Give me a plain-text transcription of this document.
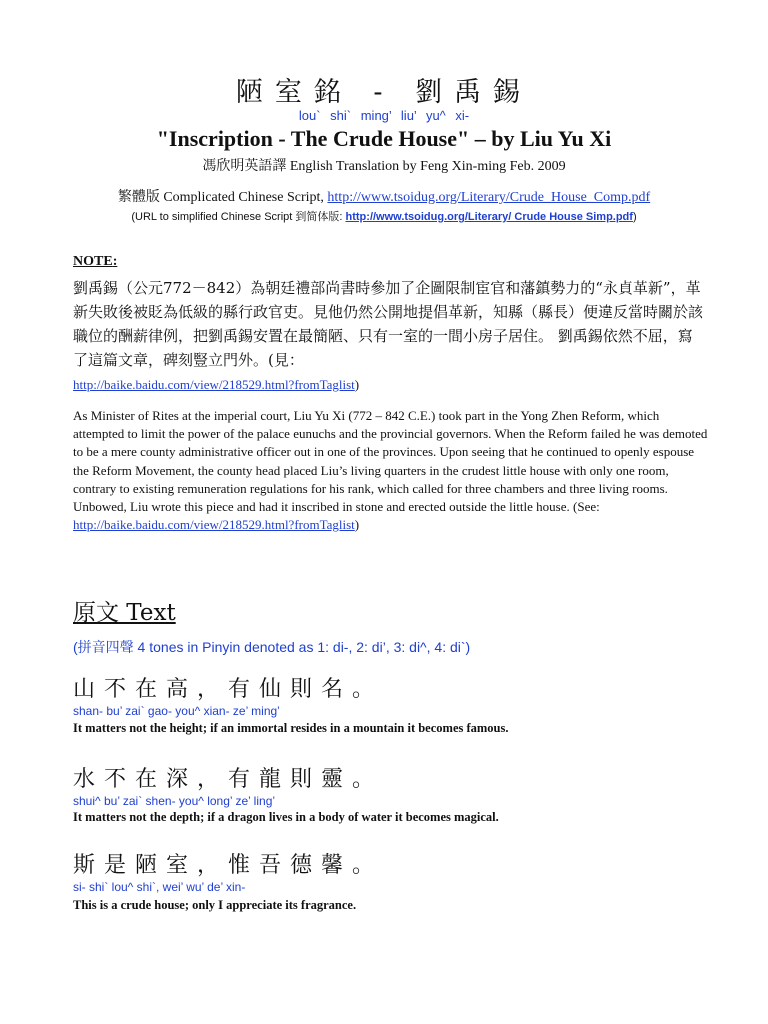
陋室銘 - 劉禹錫
lou` shi` ming’ liu’ yu^ xi-
"Inscription - The Crude House" – by Liu Yu Xi
馮欣明英語譯 English Translation by Feng Xin-ming Feb. 2009
繁體版 Complicated Chinese Script, http://www.tsoidug.org/Literary/Crude_House_Comp.pdf
(URL to simplified Chinese Script 到简体版: http://www.tsoidug.org/Literary/ Crude House Simp.pdf)
NOTE:
劉禹錫（公元772－842）為朝廷禮部尚書時參加了企圖限制宦官和藩鎮勢力的“永貞革新”，革新失敗後被貶為低級的縣行政官吏。見他仍然公開地提倡革新，知縣（縣長）便違反當時關於該職位的酬薪律例，把劉禹錫安置在最簡陋、只有一室的一間小房子居住。 劉禹錫依然不屈，寫了這篇文章，碑刻豎立門外。(見：
http://baike.baidu.com/view/218529.html?fromTaglist)
As Minister of Rites at the imperial court, Liu Yu Xi (772 – 842 C.E.) took part in the Yong Zhen Reform, which attempted to limit the power of the palace eunuchs and the provincial governors. When the Reform failed he was demoted to be a mere county administrative officer out in one of the provinces. Upon seeing that he continued to openly espouse the Reform Movement, the county head placed Liu’s living quarters in the crudest little house with only one room, contrary to existing remuneration regulations for his rank, which called for three chambers and three living rooms. Unbowed, Liu wrote this piece and had it inscribed in stone and erected outside the little house. (See:
http://baike.baidu.com/view/218529.html?fromTaglist)
原文 Text
(拼音四聲 4 tones in Pinyin denoted as 1: di-, 2: di’, 3: di^, 4: di`)
山不在高，有仙則名。
shan- bu’ zai` gao- you^ xian- ze’ ming’
It matters not the height; if an immortal resides in a mountain it becomes famous.
水不在深，有龍則靈。
shui^ bu’ zai` shen- you^ long’ ze’ ling’
It matters not the depth; if a dragon lives in a body of water it becomes magical.
斯是陋室，惟吾德馨。
si- shi` lou^ shi`, wei’ wu’ de’ xin-
This is a crude house; only I appreciate its fragrance.
